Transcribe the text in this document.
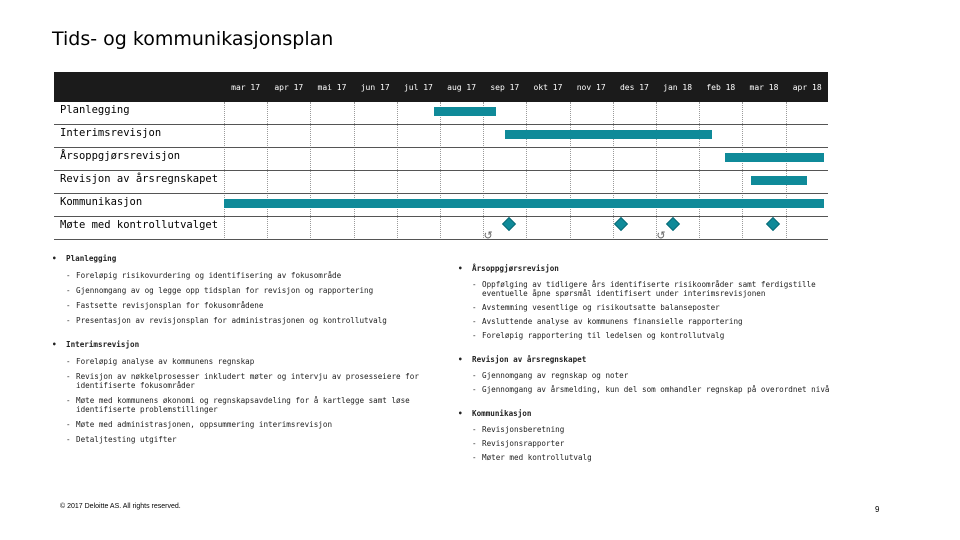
Tids- og kommunikasjonsplan
mar 17	apr 17	mai 17	jun 17	jul 17	aug 17	sep 17	okt 17	nov 17	des 17	jan 18	feb 18	mar 18	apr 18
Planlegging
Interimsrevisjon
Årsoppgjørsrevisjon
Revisjon av årsregnskapet
Kommunikasjon
↺	↺
Møte med kontrollutvalget
• Planlegging
- Foreløpig risikovurdering og identifisering av fokusområde
- Gjennomgang av og legge opp tidsplan for revisjon og rapportering
- Fastsette revisjonsplan for fokusområdene
- Presentasjon av revisjonsplan for administrasjonen og kontrollutvalg
• Interimsrevisjon
- Foreløpig analyse av kommunens regnskap
- Revisjon av nøkkelprosesser inkludert møter og intervju av prosesseiere for identifiserte fokusområder
- Møte med kommunens økonomi og regnskapsavdeling for å kartlegge samt løse identifiserte problemstillinger
- Møte med administrasjonen, oppsummering interimsrevisjon
- Detaljtesting utgifter
• Årsoppgjørsrevisjon
- Oppfølging av tidligere års identifiserte risikoområder samt ferdigstille eventuelle åpne spørsmål identifisert under interimsrevisjonen
- Avstemming vesentlige og risikoutsatte balanseposter
- Avsluttende analyse av kommunens finansielle rapportering
- Foreløpig rapportering til ledelsen og kontrollutvalg
• Revisjon av årsregnskapet
- Gjennomgang av regnskap og noter
- Gjennomgang av årsmelding, kun del som omhandler regnskap på overordnet nivå
• Kommunikasjon
- Revisjonsberetning
- Revisjonsrapporter
- Møter med kontrollutvalg
© 2017 Deloitte AS. All rights reserved.	9
